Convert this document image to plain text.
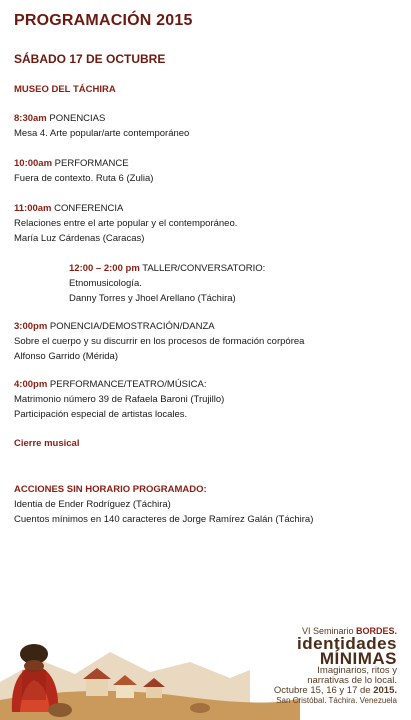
PROGRAMACIÓN 2015
SÁBADO 17 DE OCTUBRE
MUSEO DEL TÁCHIRA
8:30am PONENCIAS
Mesa 4. Arte popular/arte contemporáneo
10:00am PERFORMANCE
Fuera de contexto. Ruta 6 (Zulia)
11:00am CONFERENCIA
Relaciones entre el arte popular y el contemporáneo.
María Luz Cárdenas (Caracas)
12:00 – 2:00 pm TALLER/CONVERSATORIO:
Etnomusicología.
Danny Torres y Jhoel Arellano (Táchira)
3:00pm PONENCIA/DEMOSTRACIÓN/DANZA
Sobre el cuerpo y su discurrir en los procesos de formación corpórea
Alfonso Garrido (Mérida)
4:00pm PERFORMANCE/TEATRO/MÚSICA:
Matrimonio número 39 de Rafaela Baroni (Trujillo)
Participación especial de artistas locales.
Cierre musical
ACCIONES SIN HORARIO PROGRAMADO:
Identia de Ender Rodríguez (Táchira)
Cuentos mínimos en 140 caracteres de Jorge Ramírez Galán (Táchira)
VI Seminario BORDES.
identidades
MÍNIMAS
Imaginarios, ritos y
narrativas de lo local.
Octubre 15, 16 y 17 de 2015.
San Cristóbal. Táchira. Venezuela
